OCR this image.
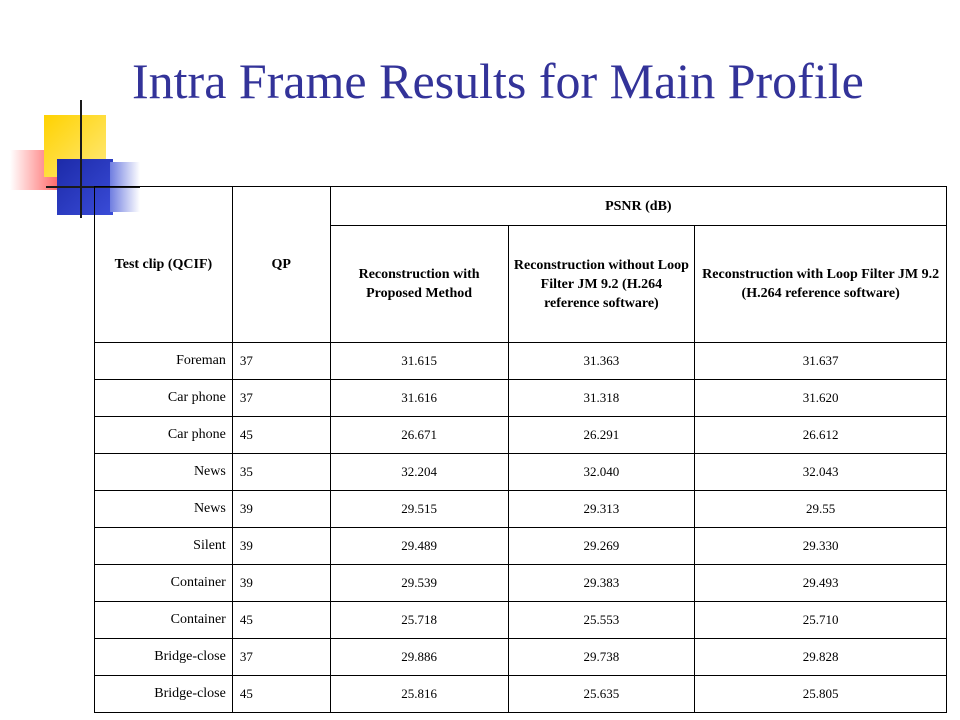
Intra Frame Results for Main Profile
Test clip (QCIF)	QP	PSNR (dB)		
		Reconstruction with Proposed Method	Reconstruction without Loop Filter JM 9.2 (H.264 reference software)	Reconstruction with Loop Filter JM 9.2 (H.264 reference software)
Foreman	37	31.615	31.363	31.637
Car phone	37	31.616	31.318	31.620
Car phone	45	26.671	26.291	26.612
News	35	32.204	32.040	32.043
News	39	29.515	29.313	29.55
Silent	39	29.489	29.269	29.330
Container	39	29.539	29.383	29.493
Container	45	25.718	25.553	25.710
Bridge-close	37	29.886	29.738	29.828
Bridge-close	45	25.816	25.635	25.805
